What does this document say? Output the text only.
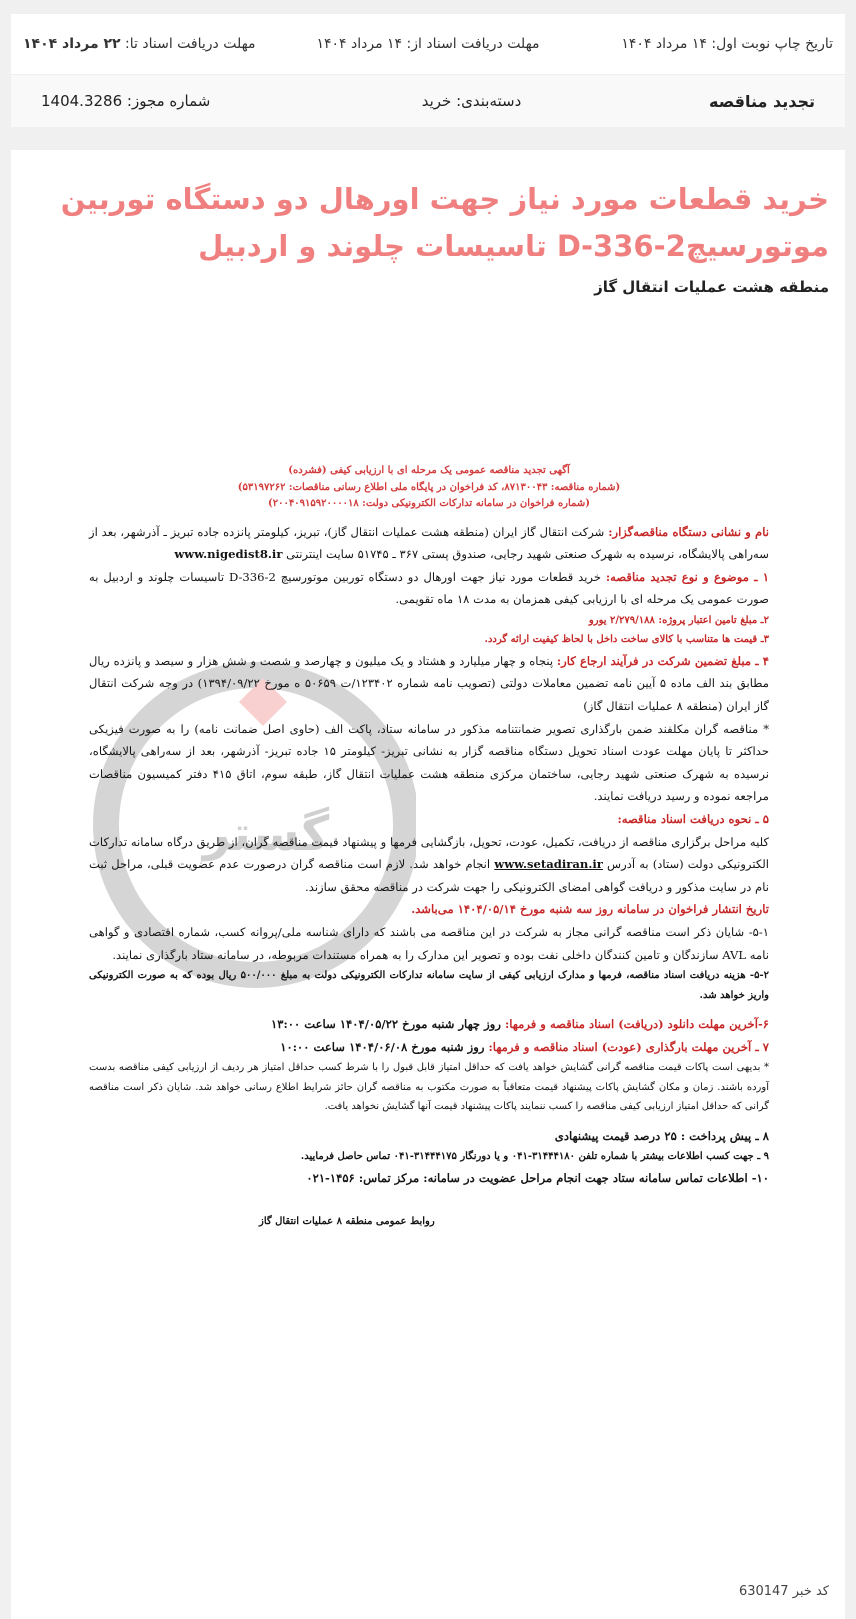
تاریخ چاپ نوبت اول: ۱۴ مرداد ۱۴۰۴
مهلت دریافت اسناد از: ۱۴ مرداد ۱۴۰۴
مهلت دریافت اسناد تا: ۲۲ مرداد ۱۴۰۴
تجدید مناقصه
دسته‌بندی: خرید
شماره مجوز: 1404.3286
خرید قطعات مورد نیاز جهت اورهال دو دستگاه توربین موتورسیچ2-336-D تاسیسات چلوند و اردبیل
منطقه هشت عملیات انتقال گاز
گستر

آگهی تجدید مناقصه عمومی یک مرحله ای با ارزیابی کیفی (فشرده)

(شماره مناقصه: ۸۷۱۳۰۰۴۳، کد فراخوان در پایگاه ملی اطلاع رسانی مناقصات: ۵۳۱۹۷۲۶۲)

(شماره فراخوان در سامانه تدارکات الکترونیکی دولت: ۲۰۰۴۰۹۱۵۹۲۰۰۰۰۱۸)

نام و نشانی دستگاه مناقصه‌گزار: شرکت انتقال گاز ایران (منطقه هشت عملیات انتقال گاز)، تبریز، کیلومتر پانزده جاده تبریز ـ آذرشهر، بعد از سه‌راهی پالایشگاه، نرسیده به شهرک صنعتی شهید رجایی، صندوق پستی ۳۶۷ ـ ۵۱۷۴۵ سایت اینترنتی www.nigedist8.ir

۱ ـ موضوع و نوع تجدید مناقصه: خرید قطعات مورد نیاز جهت اورهال دو دستگاه توربین موتورسیچ D-336-2 تاسیسات چلوند و اردبیل به صورت عمومی یک مرحله ای با ارزیابی کیفی همزمان به مدت ۱۸ ماه تقویمی.

۲ـ مبلغ تامین اعتبار پروژه: ۲/۲۷۹/۱۸۸ یورو

۳ـ قیمت ها متناسب با کالای ساخت داخل با لحاظ کیفیت ارائه گردد.

۴ ـ مبلغ تضمین شرکت در فرآیند ارجاع کار: پنجاه و چهار میلیارد و هشتاد و یک میلیون و چهارصد و شصت و شش هزار و سیصد و پانزده ریال مطابق بند الف ماده ۵ آیین نامه تضمین معاملات دولتی (تصویب نامه شماره ۱۲۳۴۰۲/ت ۵۰۶۵۹ ه مورخ ۱۳۹۴/۰۹/۲۲) در وجه شرکت انتقال گاز ایران (منطقه ۸ عملیات انتقال گاز)

* مناقصه گران مکلفند ضمن بارگذاری تصویر ضمانتنامه مذکور در سامانه ستاد، پاکت الف (حاوی اصل ضمانت نامه) را به صورت فیزیکی حداکثر تا پایان مهلت عودت اسناد تحویل دستگاه مناقصه گزار به نشانی تبریز- کیلومتر ۱۵ جاده تبریز- آذرشهر، بعد از سه‌راهی پالایشگاه، نرسیده به شهرک صنعتی شهید رجایی، ساختمان مرکزی منطقه هشت عملیات انتقال گاز، طبقه سوم، اتاق ۴۱۵ دفتر کمیسیون مناقصات مراجعه نموده و رسید دریافت نمایند.

۵ ـ نحوه دریافت اسناد مناقصه:

کلیه مراحل برگزاری مناقصه از دریافت، تکمیل، عودت، تحویل، بازگشایی فرمها و پیشنهاد قیمت مناقصه گران، از طریق درگاه سامانه تدارکات الکترونیکی دولت (ستاد) به آدرس www.setadiran.ir انجام خواهد شد. لازم است مناقصه گران درصورت عدم عضویت قبلی، مراحل ثبت نام در سایت مذکور و دریافت گواهی امضای الکترونیکی را جهت شرکت در مناقصه محقق سازند.

تاریخ انتشار فراخوان در سامانه روز سه شنبه مورخ ۱۴۰۴/۰۵/۱۴ می‌باشد.

۵-۱- شایان ذکر است مناقصه گرانی مجاز به شرکت در این مناقصه می باشند که دارای شناسه ملی/پروانه کسب، شماره اقتصادی و گواهی نامه AVL سازندگان و تامین کنندگان داخلی نفت بوده و تصویر این مدارک را به همراه مستندات مربوطه، در سامانه ستاد بارگذاری نمایند.

۵-۲- هزینه دریافت اسناد مناقصه، فرمها و مدارک ارزیابی کیفی از سایت سامانه تدارکات الکترونیکی دولت به مبلغ ۵۰۰/۰۰۰ ریال بوده که به صورت الکترونیکی واریز خواهد شد.

۶-آخرین مهلت دانلود (دریافت) اسناد مناقصه و فرمها: روز چهار شنبه مورخ ۱۴۰۴/۰۵/۲۲ ساعت ۱۳:۰۰

۷ ـ آخرین مهلت بارگذاری (عودت) اسناد مناقصه و فرمها: روز شنبه مورخ ۱۴۰۴/۰۶/۰۸ ساعت ۱۰:۰۰

* بدیهی است پاکات قیمت مناقصه گرانی گشایش خواهد یافت که حداقل امتیاز قابل قبول را با شرط کسب حداقل امتیاز هر ردیف از ارزیابی کیفی مناقصه بدست آورده باشند. زمان و مکان گشایش پاکات پیشنهاد قیمت متعاقباً به صورت مکتوب به مناقصه گران حائز شرایط اطلاع رسانی خواهد شد. شایان ذکر است مناقصه گرانی که حداقل امتیاز ارزیابی کیفی مناقصه را کسب ننمایند پاکات پیشنهاد قیمت آنها گشایش نخواهد یافت.

۸ ـ پیش پرداخت : ۲۵ درصد قیمت پیشنهادی

۹ ـ جهت کسب اطلاعات بیشتر با شماره تلفن ۳۱۴۴۴۱۸۰-۰۴۱ و یا دورنگار ۳۱۴۴۴۱۷۵-۰۴۱ تماس حاصل فرمایید.

۱۰- اطلاعات تماس سامانه ستاد جهت انجام مراحل عضویت در سامانه: مرکز تماس: ۱۴۵۶-۰۲۱

روابط عمومی منطقه ۸ عملیات انتقال گاز

کد خبر 630147
